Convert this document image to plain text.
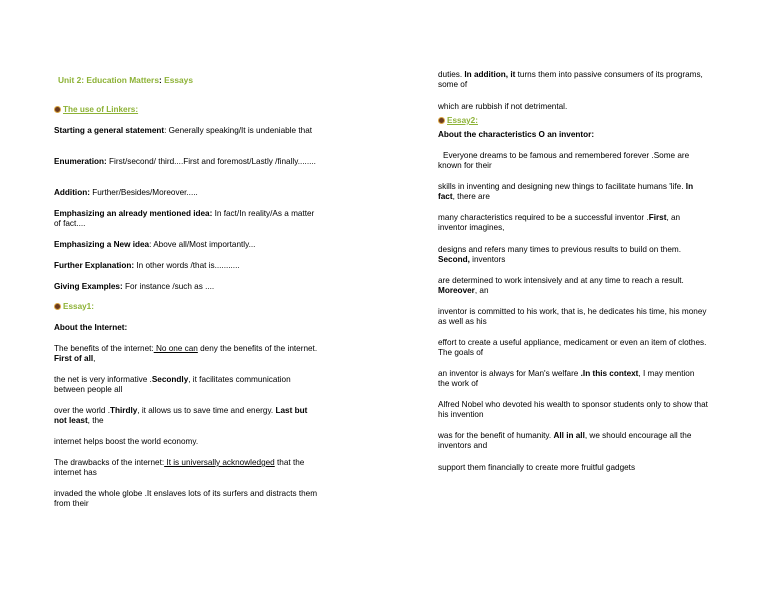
Unit 2: Education Matters: Essays
The use of Linkers:
Starting a general statement: Generally speaking/It is undeniable that
Enumeration: First/second/ third....First and foremost/Lastly /finally........
Addition: Further/Besides/Moreover.....
Emphasizing an already mentioned idea: In fact/In reality/As a matter of fact....
Emphasizing a New idea: Above all/Most importantly...
Further Explanation: In other words /that is...........
Giving Examples: For instance /such as ....
Essay1:
About the Internet:
The benefits of the internet: No one can deny the benefits of the internet. First of all,
the net is very informative .Secondly, it facilitates communication between people all
over the world .Thirdly, it allows us to save time and energy. Last but not least, the
internet helps boost the world economy.
The drawbacks of the internet: It is universally acknowledged that the internet has
invaded the whole globe .It enslaves lots of its surfers and distracts them from their
duties. In addition, it turns them into passive consumers of its programs, some of
which are rubbish if not detrimental.
Essay2:
About the characteristics O an inventor:
Everyone dreams to be famous and remembered forever .Some are known for their
skills in inventing and designing new things to facilitate humans 'life. In fact, there are
many characteristics required to be a successful inventor .First, an inventor imagines,
designs and refers many times to previous results to build on them. Second, inventors
are determined to work intensively and at any time to reach a result. Moreover, an
inventor is committed to his work, that is, he dedicates his time, his money as well as his
effort to create a useful appliance, medicament or even an item of clothes. The goals of
an inventor is always for Man's welfare .In this context, I may mention the work of
Alfred Nobel who devoted his wealth to sponsor students only to show that his invention
was for the benefit of humanity. All in all, we should encourage all the inventors and
support them financially to create more fruitful gadgets
